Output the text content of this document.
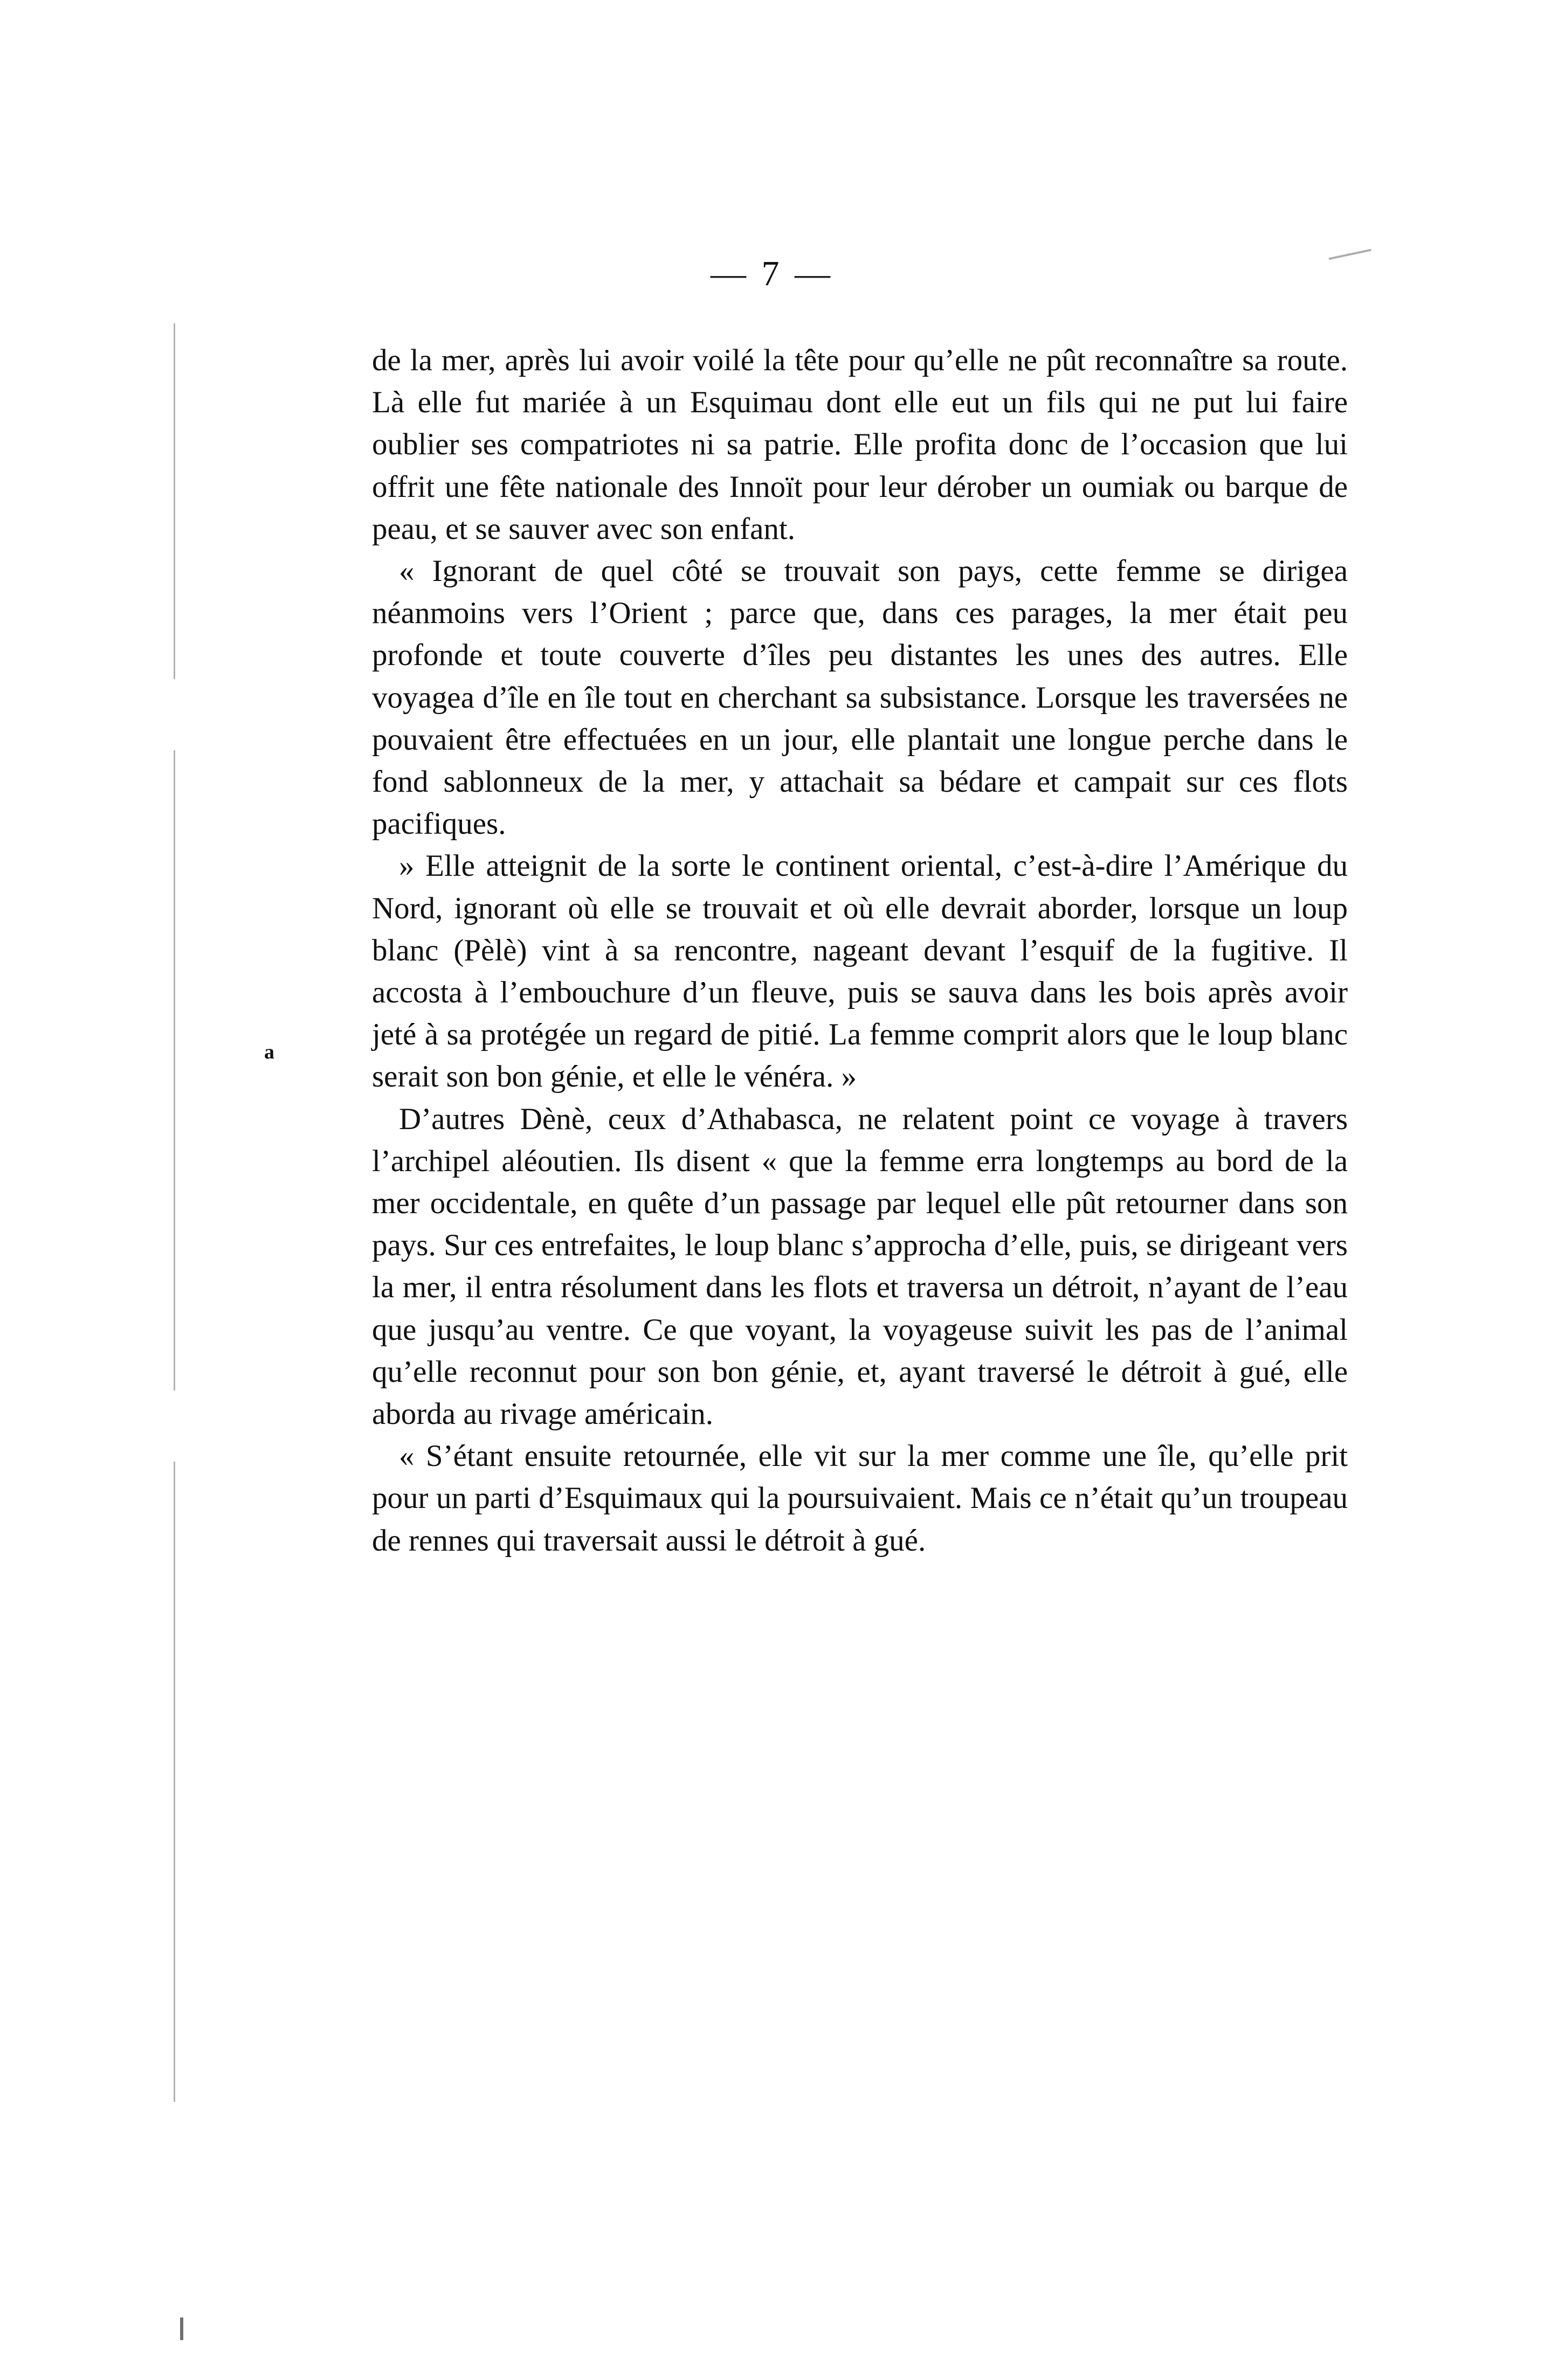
— 7 —
a

de la mer, après lui avoir voilé la tête pour qu’elle ne pût reconnaître sa route. Là elle fut mariée à un Esquimau dont elle eut un fils qui ne put lui faire oublier ses compatriotes ni sa patrie. Elle profita donc de l’occasion que lui offrit une fête nationale des Innoït pour leur dérober un oumiak ou barque de peau, et se sauver avec son enfant.

« Ignorant de quel côté se trouvait son pays, cette femme se dirigea néanmoins vers l’Orient ; parce que, dans ces parages, la mer était peu profonde et toute couverte d’îles peu distantes les unes des autres. Elle voyagea d’île en île tout en cherchant sa subsistance. Lorsque les traversées ne pouvaient être effectuées en un jour, elle plantait une longue perche dans le fond sablonneux de la mer, y attachait sa bédare et campait sur ces flots pacifiques.

» Elle atteignit de la sorte le continent oriental, c’est-à-dire l’Amérique du Nord, ignorant où elle se trouvait et où elle devrait aborder, lorsque un loup blanc (Pèlè) vint à sa rencontre, nageant devant l’esquif de la fugitive. Il accosta à l’embouchure d’un fleuve, puis se sauva dans les bois après avoir jeté à sa protégée un regard de pitié. La femme comprit alors que le loup blanc serait son bon génie, et elle le vénéra. »

D’autres Dènè, ceux d’Athabasca, ne relatent point ce voyage à travers l’archipel aléoutien. Ils disent « que la femme erra longtemps au bord de la mer occidentale, en quête d’un passage par lequel elle pût retourner dans son pays. Sur ces entrefaites, le loup blanc s’approcha d’elle, puis, se dirigeant vers la mer, il entra résolument dans les flots et traversa un détroit, n’ayant de l’eau que jusqu’au ventre. Ce que voyant, la voyageuse suivit les pas de l’animal qu’elle reconnut pour son bon génie, et, ayant traversé le détroit à gué, elle aborda au rivage américain.

« S’étant ensuite retournée, elle vit sur la mer comme une île, qu’elle prit pour un parti d’Esquimaux qui la poursuivaient. Mais ce n’était qu’un troupeau de rennes qui traversait aussi le détroit à gué.
